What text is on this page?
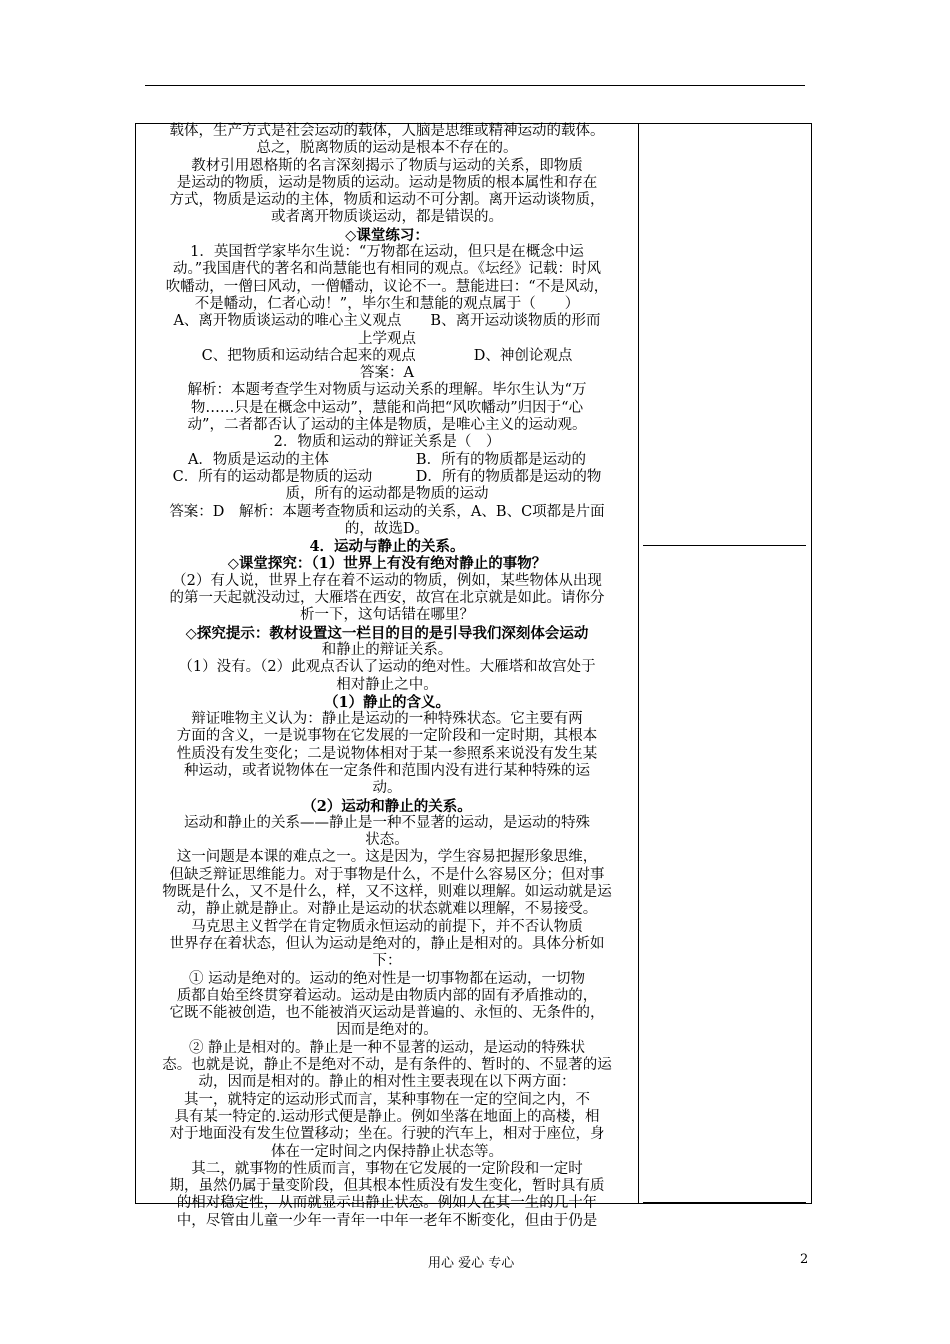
载体，生产方式是社会运动的载体，人脑是思维或精神运动的载体。

总之，脱离物质的运动是根本不存在的。

教材引用恩格斯的名言深刻揭示了物质与运动的关系，即物质

是运动的物质，运动是物质的运动。运动是物质的根本属性和存在

方式，物质是运动的主体，物质和运动不可分割。离开运动谈物质，

或者离开物质谈运动，都是错误的。

◇课堂练习：

1．英国哲学家毕尔生说：“万物都在运动，但只是在概念中运

动。”我国唐代的著名和尚慧能也有相同的观点。《坛经》记载：时风

吹幡动，一僧曰风动，一僧幡动，议论不一。慧能进曰：“不是风动，

不是幡动，仁者心动！”，毕尔生和慧能的观点属于（　　）

A、离开物质谈运动的唯心主义观点　　B、离开运动谈物质的形而

上学观点

C、把物质和运动结合起来的观点　　　　D、神创论观点

答案：A

解析：本题考查学生对物质与运动关系的理解。毕尔生认为“万

物……只是在概念中运动”，慧能和尚把“风吹幡动”归因于“心

动”，二者都否认了运动的主体是物质，是唯心主义的运动观。

2．物质和运动的辩证关系是（　）

A．物质是运动的主体　　　　　　B．所有的物质都是运动的

C．所有的运动都是物质的运动　　　D．所有的物质都是运动的物

质，所有的运动都是物质的运动

答案：D　解析：本题考查物质和运动的关系，A、B、C项都是片面

的，故选D。

4．运动与静止的关系。

◇课堂探究：（1）世界上有没有绝对静止的事物？

（2）有人说，世界上存在着不运动的物质，例如，某些物体从出现

的第一天起就没动过，大雁塔在西安，故宫在北京就是如此。请你分

析一下，这句话错在哪里？

◇探究提示：教材设置这一栏目的目的是引导我们深刻体会运动

和静止的辩证关系。

（1）没有。（2）此观点否认了运动的绝对性。大雁塔和故宫处于

相对静止之中。

（1）静止的含义。

辩证唯物主义认为：静止是运动的一种特殊状态。它主要有两

方面的含义，一是说事物在它发展的一定阶段和一定时期，其根本

性质没有发生变化；二是说物体相对于某一参照系来说没有发生某

种运动，或者说物体在一定条件和范围内没有进行某种特殊的运

动。

（2）运动和静止的关系。

运动和静止的关系——静止是一种不显著的运动，是运动的特殊

状态。

这一问题是本课的难点之一。这是因为，学生容易把握形象思维，

但缺乏辩证思维能力。对于事物是什么，不是什么容易区分；但对事

物既是什么，又不是什么，样，又不这样，则难以理解。如运动就是运

动，静止就是静止。对静止是运动的状态就难以理解，不易接受。

马克思主义哲学在肯定物质永恒运动的前提下，并不否认物质

世界存在着状态，但认为运动是绝对的，静止是相对的。具体分析如

下：

① 运动是绝对的。运动的绝对性是一切事物都在运动，一切物

质都自始至终贯穿着运动。运动是由物质内部的固有矛盾推动的，

它既不能被创造，也不能被消灭运动是普遍的、永恒的、无条件的，

因而是绝对的。

② 静止是相对的。静止是一种不显著的运动，是运动的特殊状

态。也就是说，静止不是绝对不动，是有条件的、暂时的、不显著的运

动，因而是相对的。静止的相对性主要表现在以下两方面：

其一，就特定的运动形式而言，某种事物在一定的空间之内，不

具有某一特定的.运动形式便是静止。例如坐落在地面上的高楼，相

对于地面没有发生位置移动；坐在。行驶的汽车上，相对于座位，身

体在一定时间之内保持静止状态等。

其二，就事物的性质而言，事物在它发展的一定阶段和一定时

期，虽然仍属于量变阶段，但其根本性质没有发生变化，暂时具有质

的相对稳定性，从而就显示出静止状态。例如人在其一生的几十年

中，尽管由儿童一少年一青年一中年一老年不断变化，但由于仍是

用心 爱心 专心	2
